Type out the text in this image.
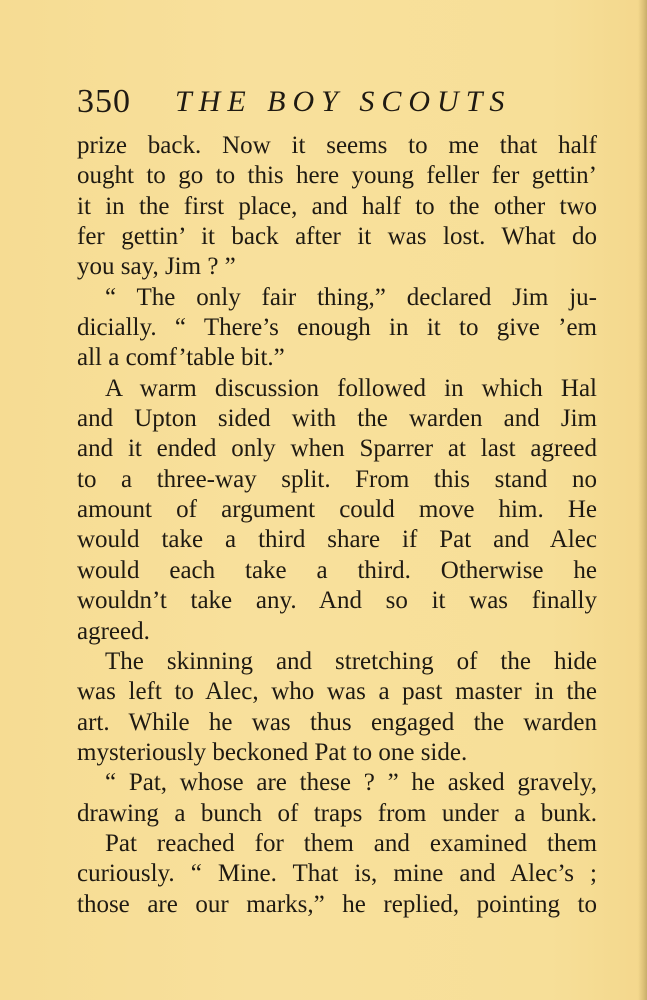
350 THE BOY SCOUTS
prize back. Now it seems to me that half
ought to go to this here young feller fer gettin’
it in the first place, and half to the other two
fer gettin’ it back after it was lost. What do
you say, Jim ? ”
“ The only fair thing,” declared Jim ju-
dicially. “ There’s enough in it to give ’em
all a comf’table bit.”
A warm discussion followed in which Hal
and Upton sided with the warden and Jim
and it ended only when Sparrer at last agreed
to a three-way split. From this stand no
amount of argument could move him. He
would take a third share if Pat and Alec
would each take a third. Otherwise he
wouldn’t take any. And so it was finally
agreed.
The skinning and stretching of the hide
was left to Alec, who was a past master in the
art. While he was thus engaged the warden
mysteriously beckoned Pat to one side.
“ Pat, whose are these ? ” he asked gravely,
drawing a bunch of traps from under a bunk.
Pat reached for them and examined them
curiously. “ Mine. That is, mine and Alec’s ;
those are our marks,” he replied, pointing to
